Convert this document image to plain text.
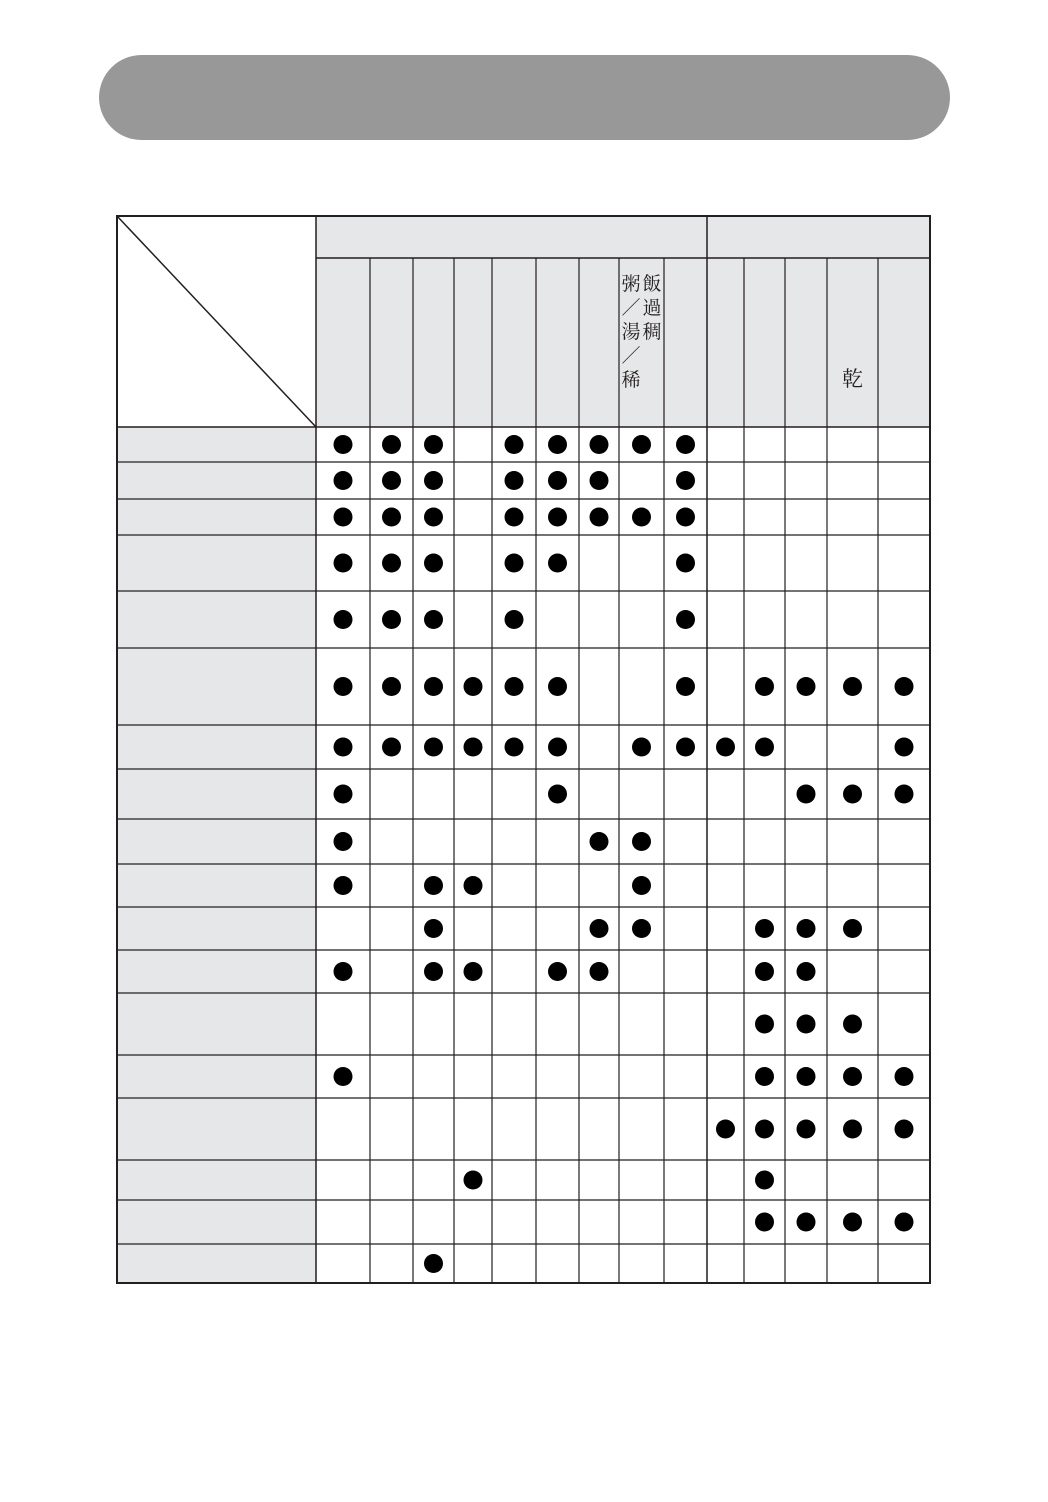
飯
過
稠
粥
／
湯
／
稀	乾
